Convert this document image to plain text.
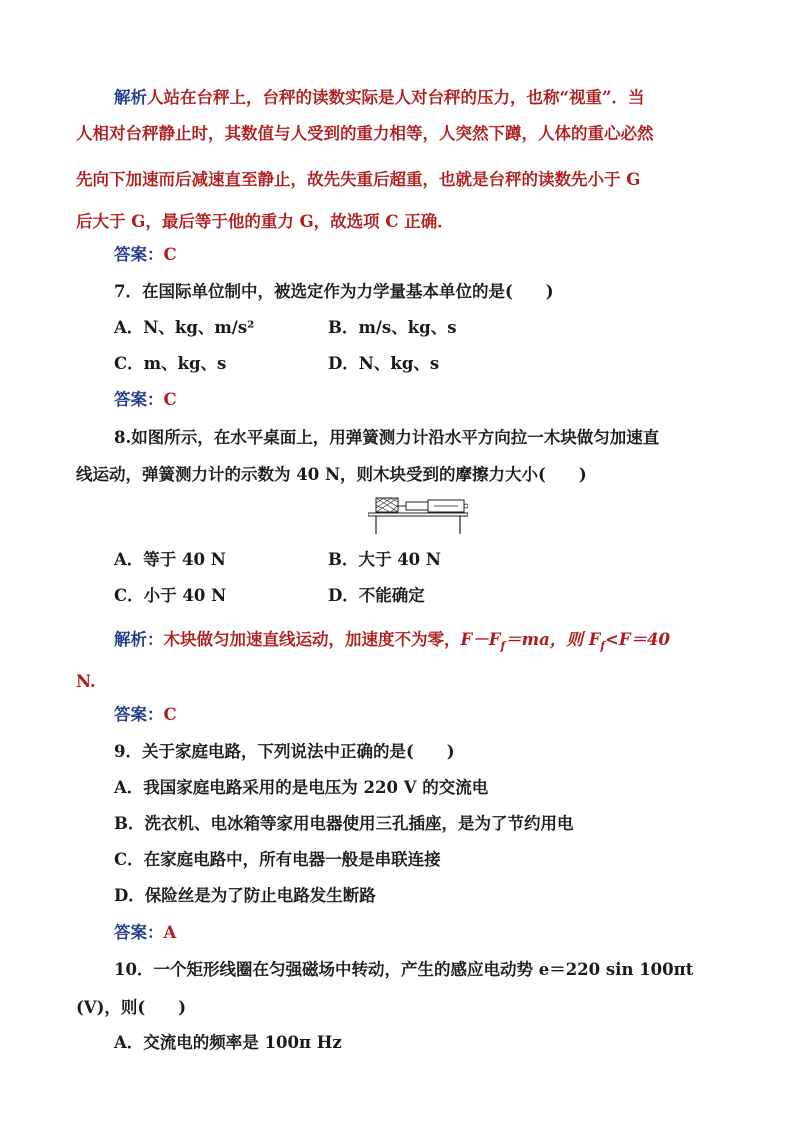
解析人站在台秤上，台秤的读数实际是人对台秤的压力，也称“视重”．当
人相对台秤静止时，其数值与人受到的重力相等，人突然下蹲，人体的重心必然
先向下加速而后减速直至静止，故先失重后超重，也就是台秤的读数先小于 G
后大于 G，最后等于他的重力 G，故选项 C 正确．
答案：C
7．在国际单位制中，被选定作为力学量基本单位的是(　　)
A．N、kg、m/s²	B．m/s、kg、s
C．m、kg、s	D．N、kg、s
答案：C
8.如图所示，在水平桌面上，用弹簧测力计沿水平方向拉一木块做匀加速直
线运动，弹簧测力计的示数为 40 N，则木块受到的摩擦力大小(　　)
A．等于 40 N	B．大于 40 N
C．小于 40 N	D．不能确定
解析：木块做匀加速直线运动，加速度不为零，$F-F_f=ma$，则 $F_f<F=40$
N.
答案：C
9．关于家庭电路，下列说法中正确的是(　　)
A．我国家庭电路采用的是电压为 220 V 的交流电
B．洗衣机、电冰箱等家用电器使用三孔插座，是为了节约用电
C．在家庭电路中，所有电器一般是串联连接
D．保险丝是为了防止电路发生断路
答案：A
10．一个矩形线圈在匀强磁场中转动，产生的感应电动势 e＝220 sin 100πt
(V)，则(　　)
A．交流电的频率是 100π Hz
